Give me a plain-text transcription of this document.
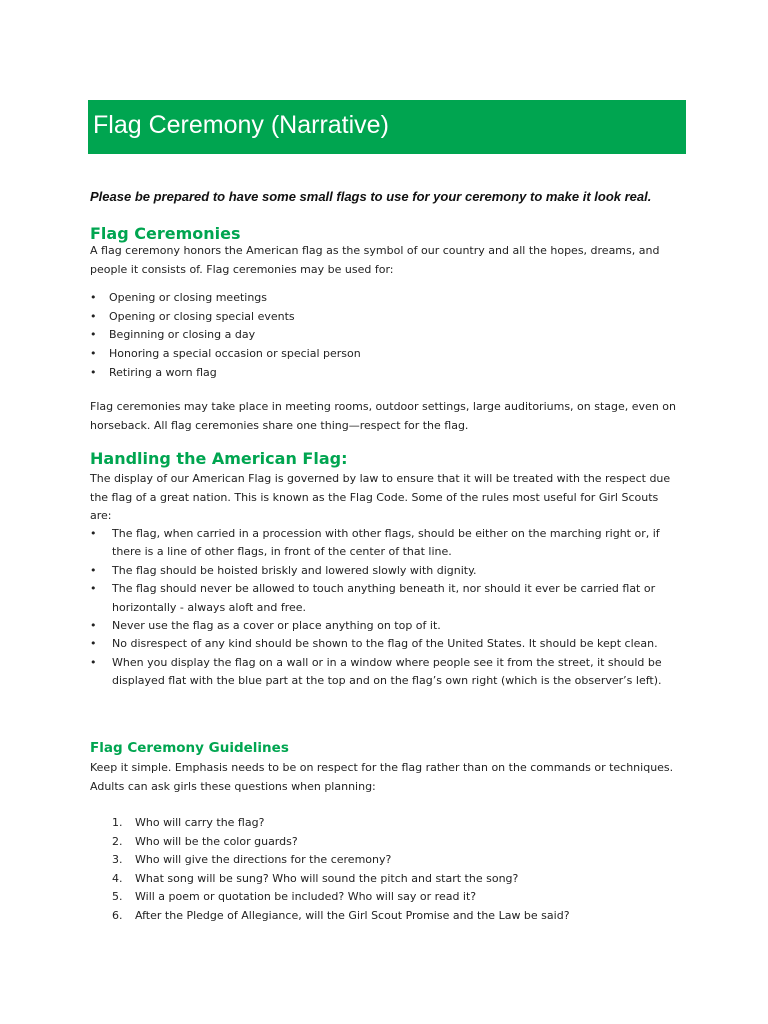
Flag Ceremony (Narrative)
Please be prepared to have some small flags to use for your ceremony to make it look real.
Flag Ceremonies
A flag ceremony honors the American flag as the symbol of our country and all the hopes, dreams, and people it consists of. Flag ceremonies may be used for:
• Opening or closing meetings
• Opening or closing special events
• Beginning or closing a day
• Honoring a special occasion or special person
• Retiring a worn flag
Flag ceremonies may take place in meeting rooms, outdoor settings, large auditoriums, on stage, even on horseback. All flag ceremonies share one thing—respect for the flag.
Handling the American Flag:
The display of our American Flag is governed by law to ensure that it will be treated with the respect due the flag of a great nation. This is known as the Flag Code. Some of the rules most useful for Girl Scouts are:
• The flag, when carried in a procession with other flags, should be either on the marching right or, if there is a line of other flags, in front of the center of that line.
• The flag should be hoisted briskly and lowered slowly with dignity.
• The flag should never be allowed to touch anything beneath it, nor should it ever be carried flat or horizontally - always aloft and free.
• Never use the flag as a cover or place anything on top of it.
• No disrespect of any kind should be shown to the flag of the United States. It should be kept clean.
• When you display the flag on a wall or in a window where people see it from the street, it should be displayed flat with the blue part at the top and on the flag’s own right (which is the observer’s left).
Flag Ceremony Guidelines
Keep it simple. Emphasis needs to be on respect for the flag rather than on the commands or techniques. Adults can ask girls these questions when planning:
1. Who will carry the flag?
2. Who will be the color guards?
3. Who will give the directions for the ceremony?
4. What song will be sung? Who will sound the pitch and start the song?
5. Will a poem or quotation be included? Who will say or read it?
6. After the Pledge of Allegiance, will the Girl Scout Promise and the Law be said?
